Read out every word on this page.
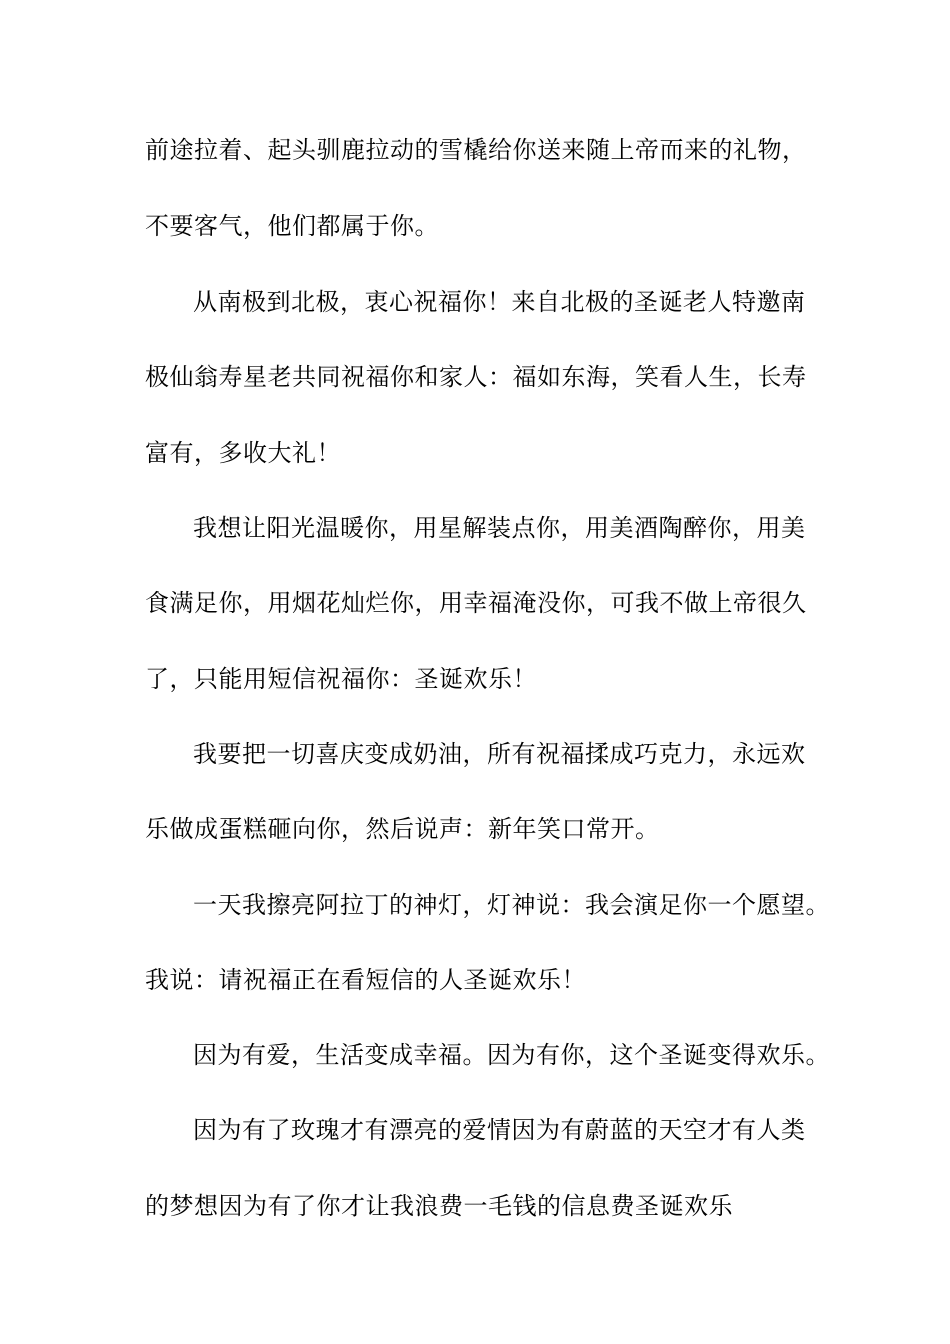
前途拉着、起头驯鹿拉动的雪橇给你送来随上帝而来的礼物，
不要客气，他们都属于你。
从南极到北极，衷心祝福你！来自北极的圣诞老人特邀南
极仙翁寿星老共同祝福你和家人：福如东海，笑看人生，长寿
富有，多收大礼！
我想让阳光温暖你，用星解装点你，用美酒陶醉你，用美
食满足你，用烟花灿烂你，用幸福淹没你，可我不做上帝很久
了，只能用短信祝福你：圣诞欢乐！
我要把一切喜庆变成奶油，所有祝福揉成巧克力，永远欢
乐做成蛋糕砸向你，然后说声：新年笑口常开。
一天我擦亮阿拉丁的神灯，灯神说：我会演足你一个愿望。
我说：请祝福正在看短信的人圣诞欢乐！
因为有爱，生活变成幸福。因为有你，这个圣诞变得欢乐。
因为有了玫瑰才有漂亮的爱情因为有蔚蓝的天空才有人类
的梦想因为有了你才让我浪费一毛钱的信息费圣诞欢乐
